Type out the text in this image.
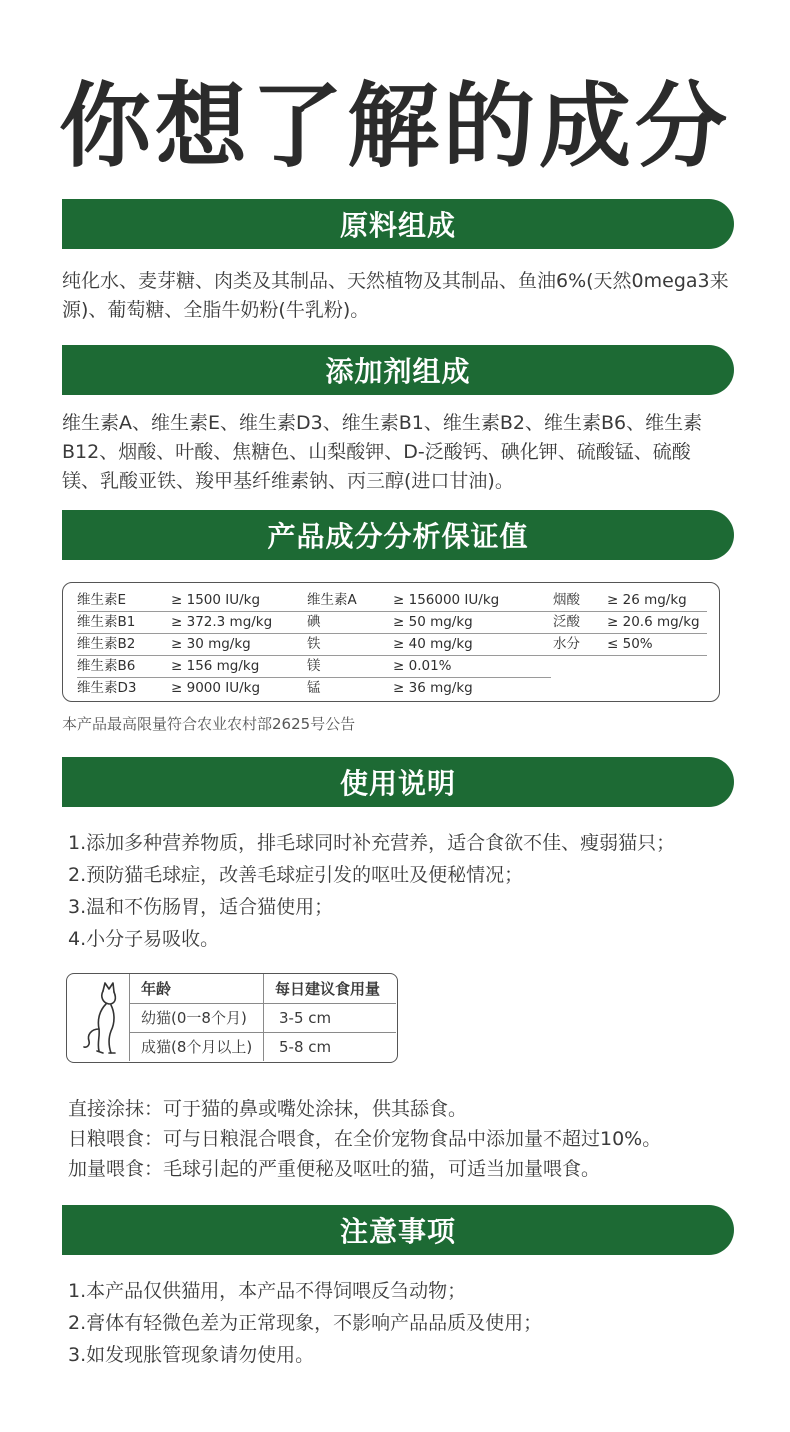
你想了解的成分
原料组成
纯化水、麦芽糖、肉类及其制品、天然植物及其制品、鱼油6%(天然0mega3来源)、葡萄糖、全脂牛奶粉(牛乳粉)。
添加剂组成
维生素A、维生素E、维生素D3、维生素B1、维生素B2、维生素B6、维生素B12、烟酸、叶酸、焦糖色、山梨酸钾、D-泛酸钙、碘化钾、硫酸锰、硫酸镁、乳酸亚铁、羧甲基纤维素钠、丙三醇(进口甘油)。
产品成分分析保证值
维生素E	≥ 1500 IU/kg	维生素A	≥ 156000 IU/kg	烟酸 ≥ 26 mg/kg
维生素B1	≥ 372.3 mg/kg	碘	≥ 50 mg/kg	泛酸 ≥ 20.6 mg/kg
维生素B2	≥ 30 mg/kg	铁	≥ 40 mg/kg	水分 ≤ 50%
维生素B6	≥ 156 mg/kg	镁	≥ 0.01%
维生素D3	≥ 9000 IU/kg	锰	≥ 36 mg/kg
本产品最高限量符合农业农村部2625号公告
使用说明
1.添加多种营养物质，排毛球同时补充营养，适合食欲不佳、瘦弱猫只；
2.预防猫毛球症，改善毛球症引发的呕吐及便秘情况；
3.温和不伤肠胃，适合猫使用；
4.小分子易吸收。
年龄	每日建议食用量
幼猫(0一8个月) 3-5 cm
成猫(8个月以上) 5-8 cm
直接涂抹：可于猫的鼻或嘴处涂抹，供其舔食。
日粮喂食：可与日粮混合喂食，在全价宠物食品中添加量不超过10%。
加量喂食：毛球引起的严重便秘及呕吐的猫，可适当加量喂食。
注意事项
1.本产品仅供猫用，本产品不得饲喂反刍动物；
2.膏体有轻微色差为正常现象，不影响产品品质及使用；
3.如发现胀管现象请勿使用。
